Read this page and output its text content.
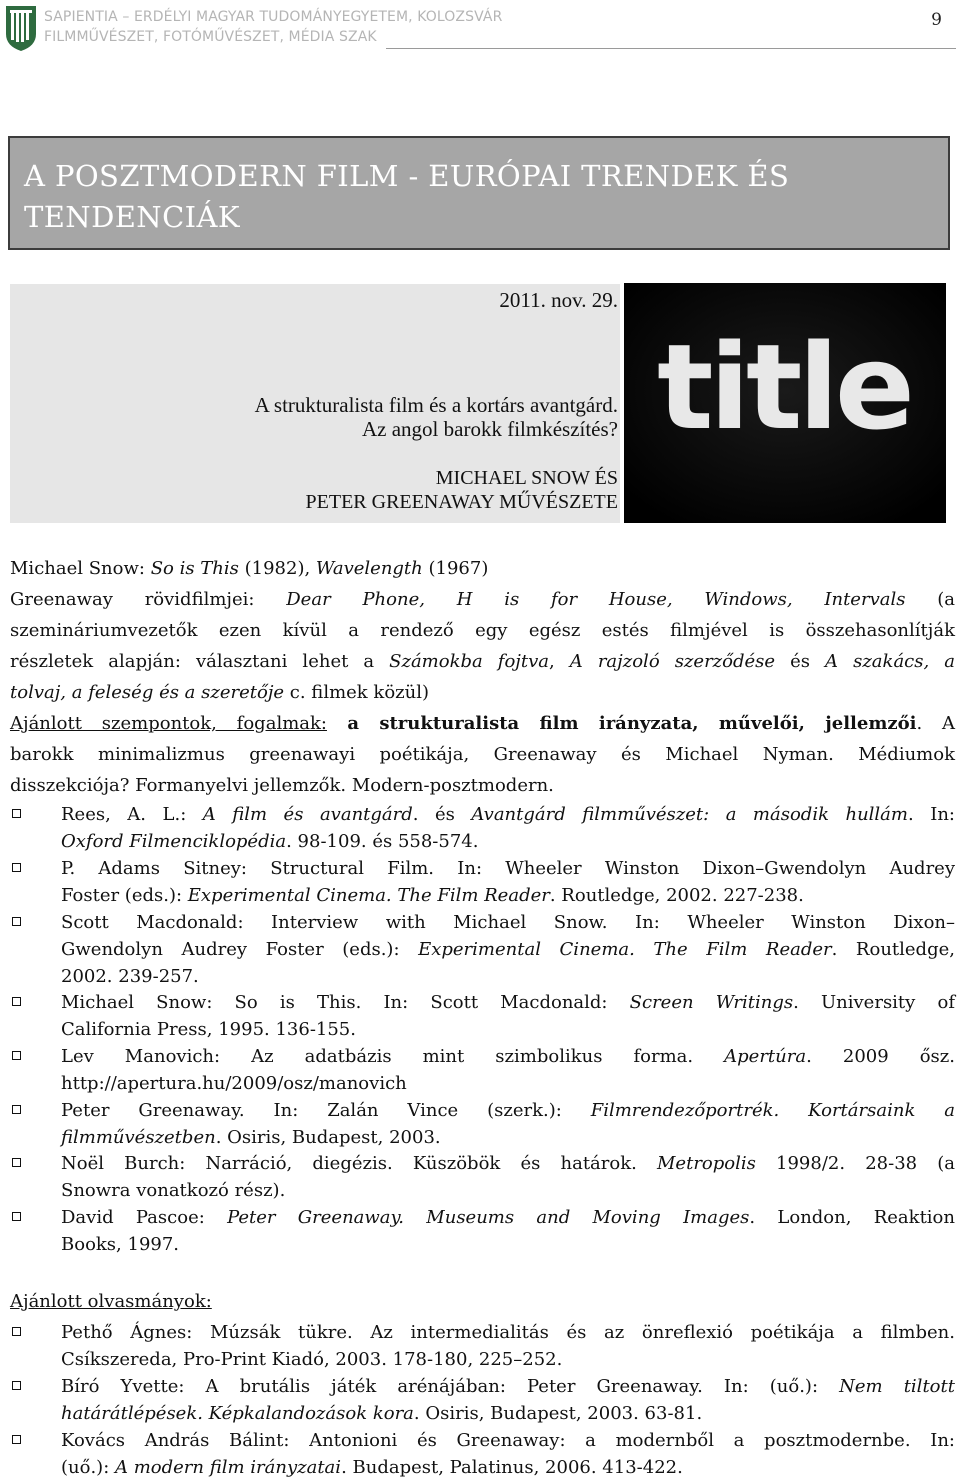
SAPIENTIA – ERDÉLYI MAGYAR TUDOMÁNYEGYETEM, KOLOZSVÁR
FILMMŰVÉSZET, FOTÓMŰVÉSZET, MÉDIA SZAK
9
A POSZTMODERN FILM - EURÓPAI TRENDEK ÉS
TENDENCIÁK
2011. nov. 29.
A strukturalista film és a kortárs avantgárd.
Az angol barokk filmkészítés?
MICHAEL SNOW ÉS
PETER GREENAWAY MŰVÉSZETE
title
Michael Snow: So is This (1982), Wavelength (1967)
Greenaway rövidfilmjei: Dear Phone, H is for House, Windows, Intervals (a
szemináriumvezetők ezen kívül a rendező egy egész estés filmjével is összehasonlítják
részletek alapján: választani lehet a Számokba fojtva, A rajzoló szerződése és A szakács, a
tolvaj, a feleség és a szeretője c. filmek közül)
Ajánlott szempontok, fogalmak: a strukturalista film irányzata, művelői, jellemzői. A
barokk minimalizmus greenawayi poétikája, Greenaway és Michael Nyman. Médiumok
disszekciója? Formanyelvi jellemzők. Modern-posztmodern.
Rees, A. L.: A film és avantgárd. és Avantgárd filmművészet: a második hullám. In:
Oxford Filmenciklopédia. 98-109. és 558-574.
P. Adams Sitney: Structural Film. In: Wheeler Winston Dixon–Gwendolyn Audrey
Foster (eds.): Experimental Cinema. The Film Reader. Routledge, 2002. 227-238.
Scott Macdonald: Interview with Michael Snow. In: Wheeler Winston Dixon–
Gwendolyn Audrey Foster (eds.): Experimental Cinema. The Film Reader. Routledge,
2002. 239-257.
Michael Snow: So is This. In: Scott Macdonald: Screen Writings. University of
California Press, 1995. 136-155.
Lev Manovich: Az adatbázis mint szimbolikus forma. Apertúra. 2009 ősz.
http://apertura.hu/2009/osz/manovich
Peter Greenaway. In: Zalán Vince (szerk.): Filmrendezőportrék. Kortársaink a
filmművészetben. Osiris, Budapest, 2003.
Noël Burch: Narráció, diegézis. Küszöbök és határok. Metropolis 1998/2. 28-38 (a
Snowra vonatkozó rész).
David Pascoe: Peter Greenaway. Museums and Moving Images. London, Reaktion
Books, 1997.
Ajánlott olvasmányok:
Pethő Ágnes: Múzsák tükre. Az intermedialitás és az önreflexió poétikája a filmben.
Csíkszereda, Pro-Print Kiadó, 2003. 178-180, 225–252.
Bíró Yvette: A brutális játék arénájában: Peter Greenaway. In: (uő.): Nem tiltott
határátlépések. Képkalandozások kora. Osiris, Budapest, 2003. 63-81.
Kovács András Bálint: Antonioni és Greenaway: a modernből a posztmodernbe. In:
(uő.): A modern film irányzatai. Budapest, Palatinus, 2006. 413-422.
